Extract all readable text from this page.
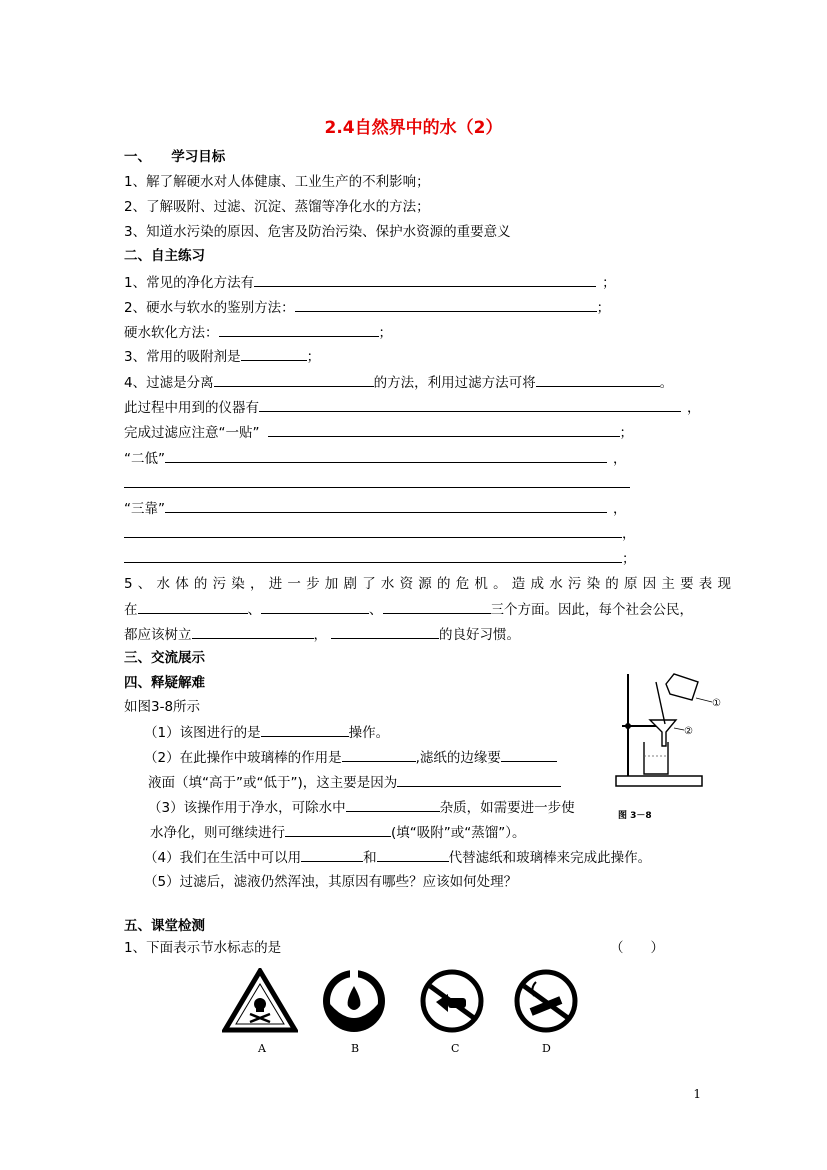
2.4自然界中的水（2）
一、　　学习目标
1、解了解硬水对人体健康、工业生产的不利影响；
2、了解吸附、过滤、沉淀、蒸馏等净化水的方法；
3、知道水污染的原因、危害及防治污染、保护水资源的重要意义
二、自主练习
1、常见的净化方法有	；
2、硬水与软水的鉴别方法：	；
硬水软化方法：	；
3、常用的吸附剂是	；
4、过滤是分离	的方法，利用过滤方法可将	。
此过程中用到的仪器有	，
完成过滤应注意“一贴”	；
“二低”	，
“三靠”	，
，
；
5、水体的污染，进一步加剧了水资源的危机。造成水污染的原因主要表现
在	、	、	三个方面。因此，每个社会公民，
都应该树立	，	的良好习惯。
三、交流展示
四、释疑解难
如图3-8所示
（1）该图进行的是	操作。
（2）在此操作中玻璃棒的作用是	,滤纸的边缘要
液面（填“高于”或“低于”)，这主要是因为
（3）该操作用于净水，可除水中	杂质，如需要进一步使
水净化，则可继续进行	(填“吸附”或“蒸馏”）。
（4）我们在生活中可以用	和	代替滤纸和玻璃棒来完成此操作。
（5）过滤后，滤液仍然浑浊，其原因有哪些？应该如何处理？
①
②
图 3－8
五、课堂检测
1、下面表示节水标志的是	（　　）
A	B	C	D
1
